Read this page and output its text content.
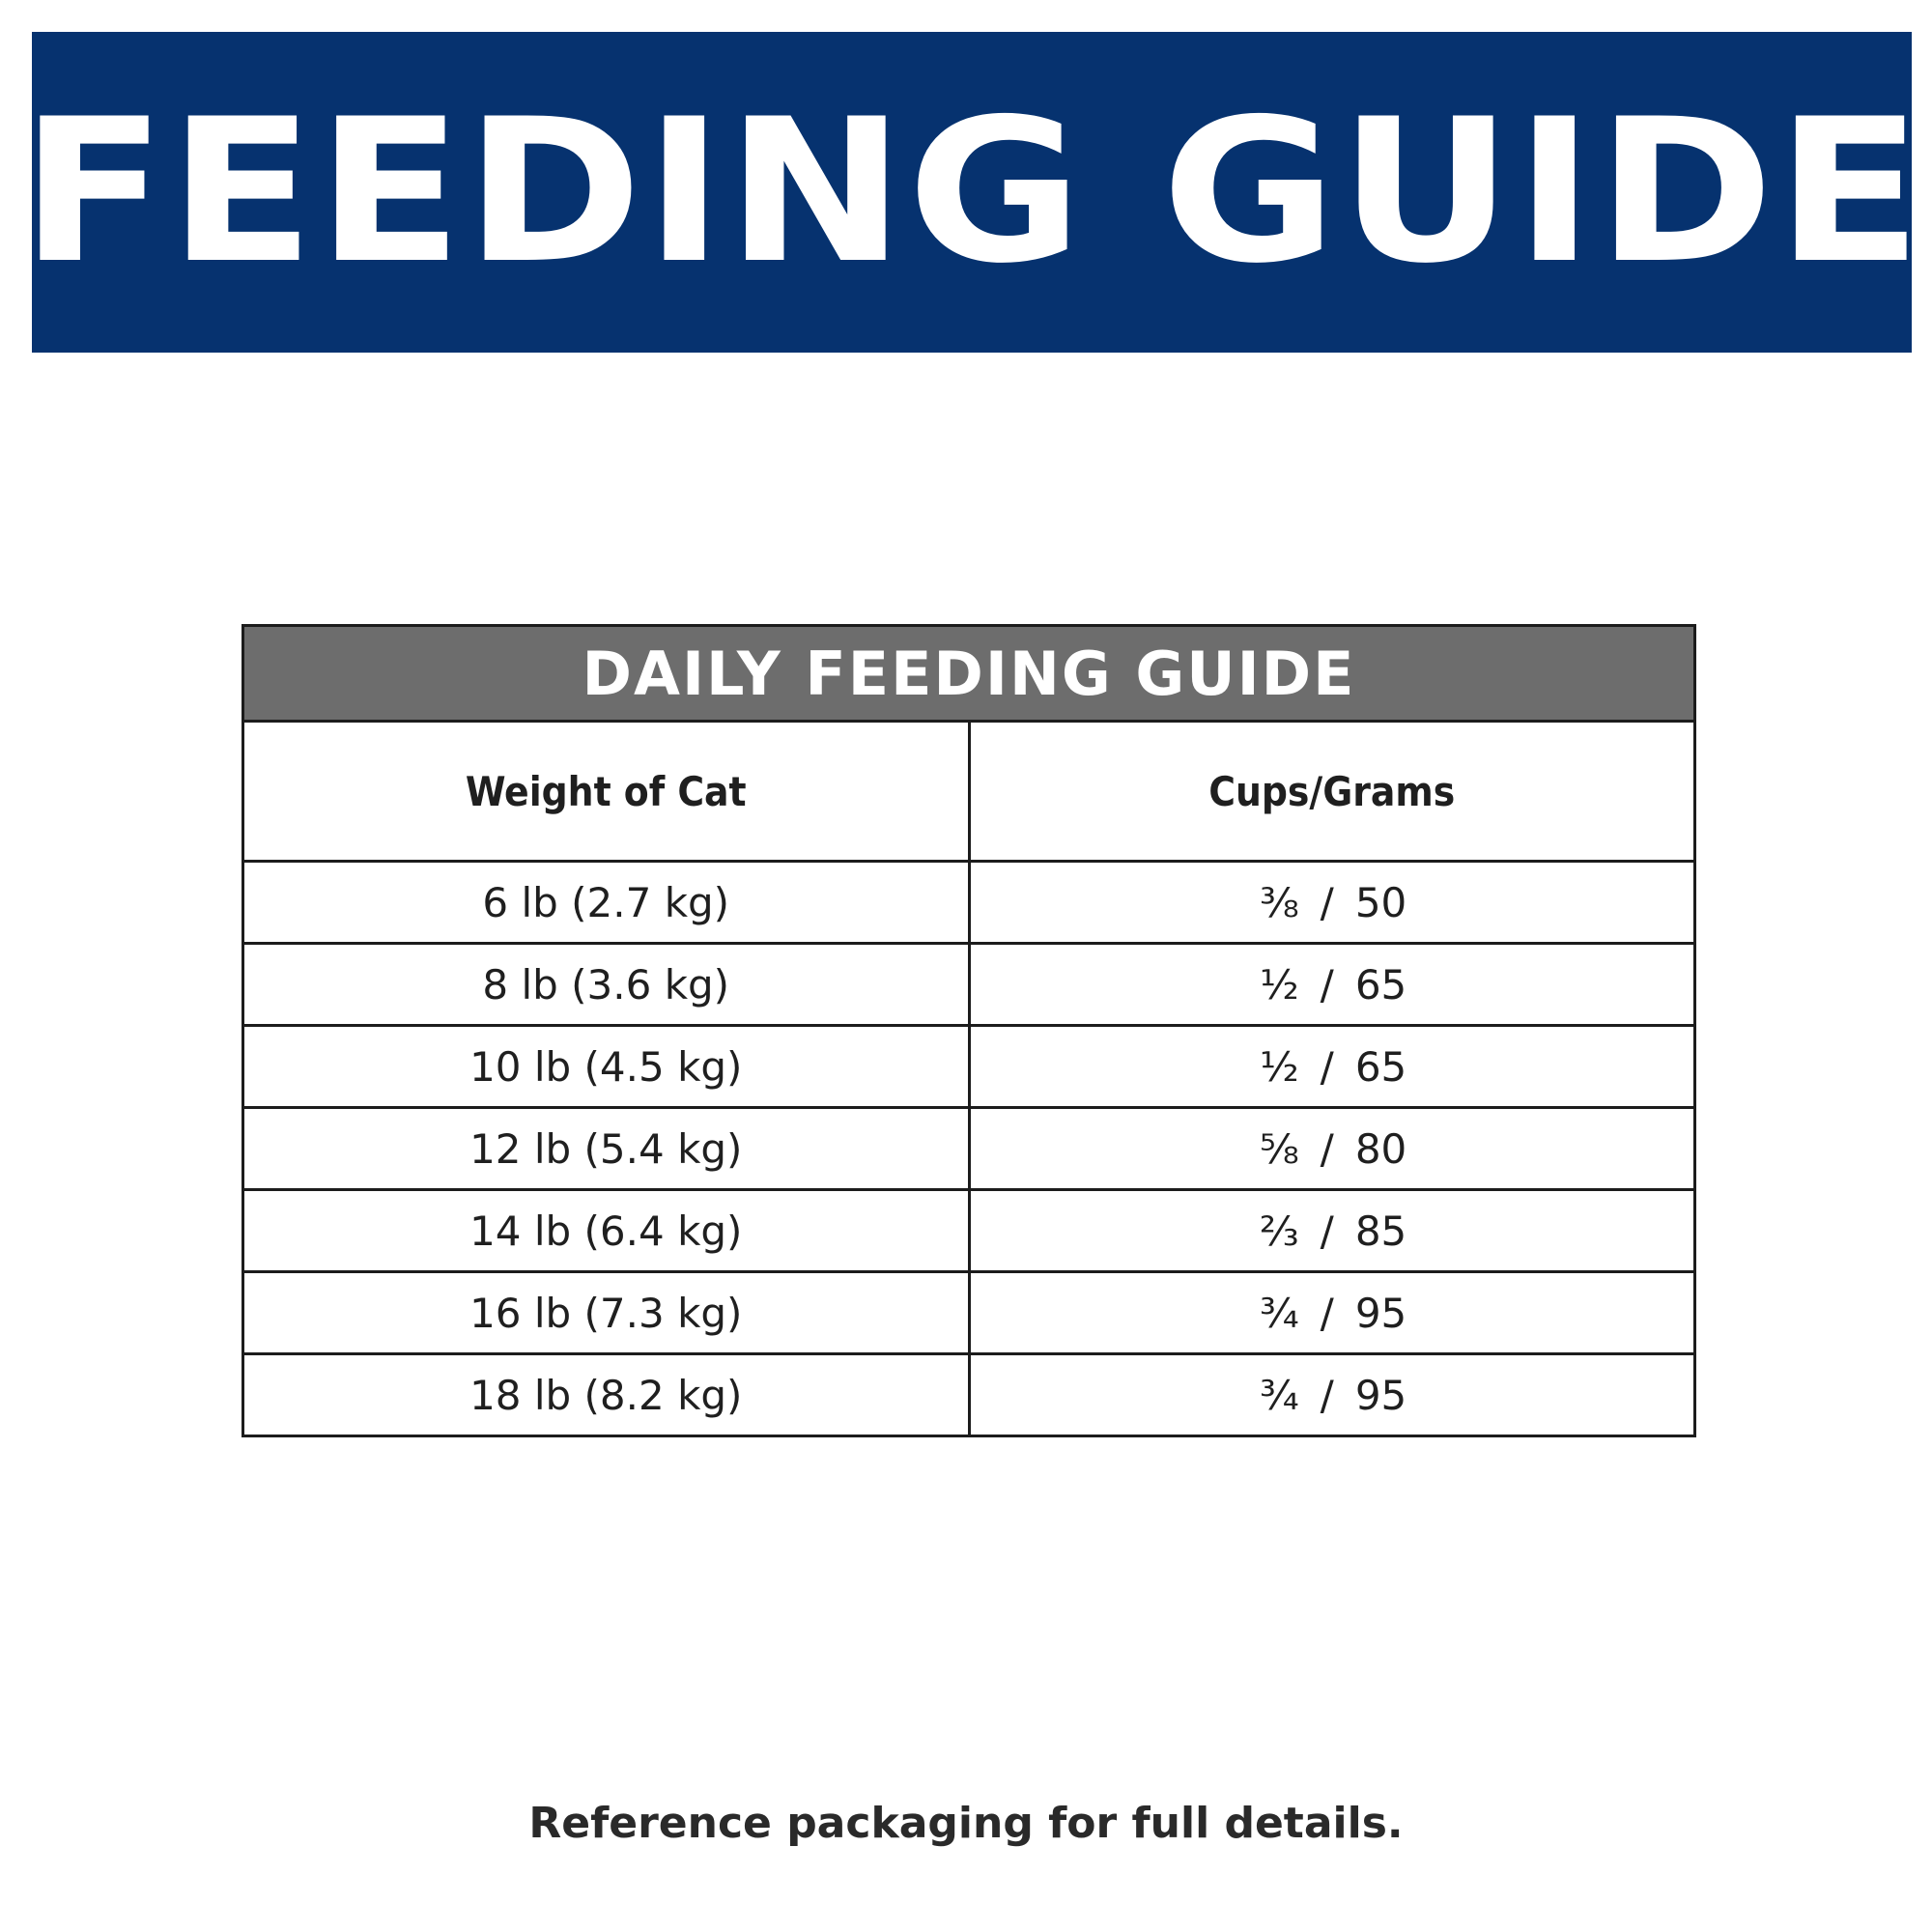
FEEDING GUIDE
DAILY FEEDING GUIDE	
Weight of Cat	Cups/Grams
6 lb (2.7 kg)	⅜ / 50
8 lb (3.6 kg)	½ / 65
10 lb (4.5 kg)	½ / 65
12 lb (5.4 kg)	⅝ / 80
14 lb (6.4 kg)	⅔ / 85
16 lb (7.3 kg)	¾ / 95
18 lb (8.2 kg)	¾ / 95
Reference packaging for full details.
